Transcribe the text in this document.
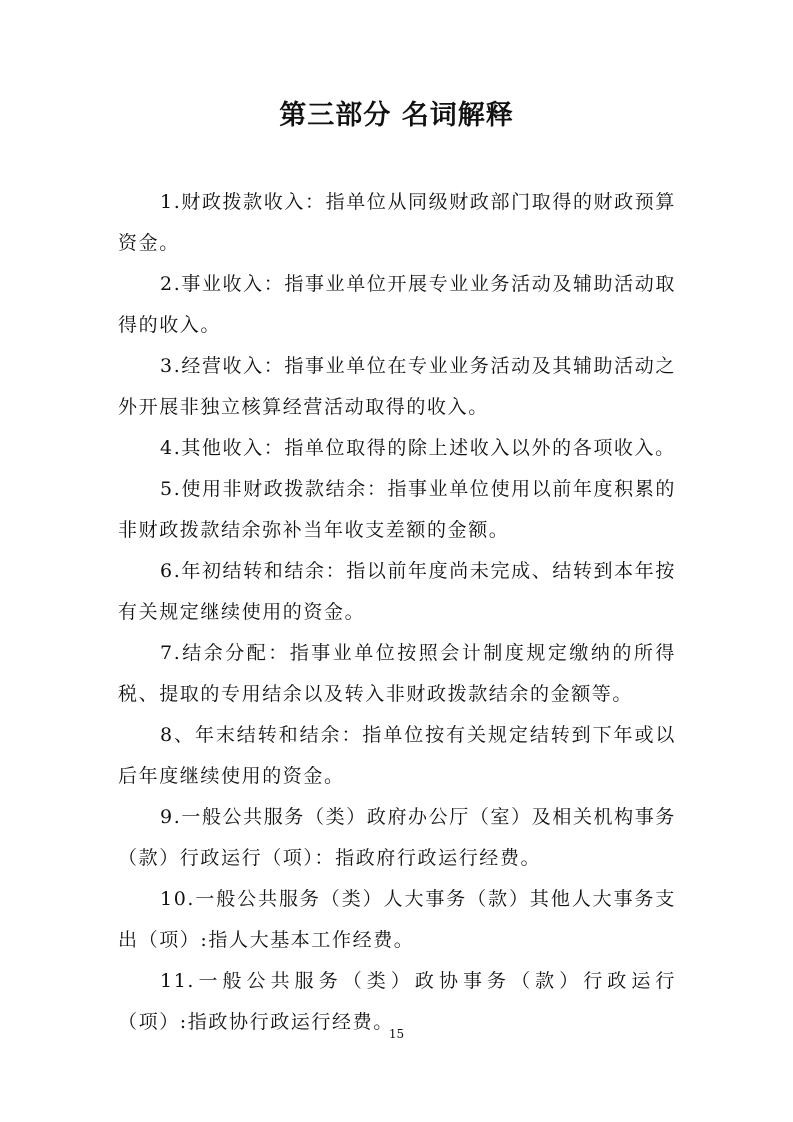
第三部分 名词解释

1.财政拨款收入：指单位从同级财政部门取得的财政预算资金。

2.事业收入：指事业单位开展专业业务活动及辅助活动取得的收入。

3.经营收入：指事业单位在专业业务活动及其辅助活动之外开展非独立核算经营活动取得的收入。

4.其他收入：指单位取得的除上述收入以外的各项收入。

5.使用非财政拨款结余：指事业单位使用以前年度积累的非财政拨款结余弥补当年收支差额的金额。

6.年初结转和结余：指以前年度尚未完成、结转到本年按有关规定继续使用的资金。

7.结余分配：指事业单位按照会计制度规定缴纳的所得税、提取的专用结余以及转入非财政拨款结余的金额等。

8、年末结转和结余：指单位按有关规定结转到下年或以后年度继续使用的资金。

9.一般公共服务（类）政府办公厅（室）及相关机构事务（款）行政运行（项）：指政府行政运行经费。

10.一般公共服务（类）人大事务（款）其他人大事务支出（项）:指人大基本工作经费。

11.一般公共服务（类）政协事务（款）行政运行（项）:指政协行政运行经费。

15
